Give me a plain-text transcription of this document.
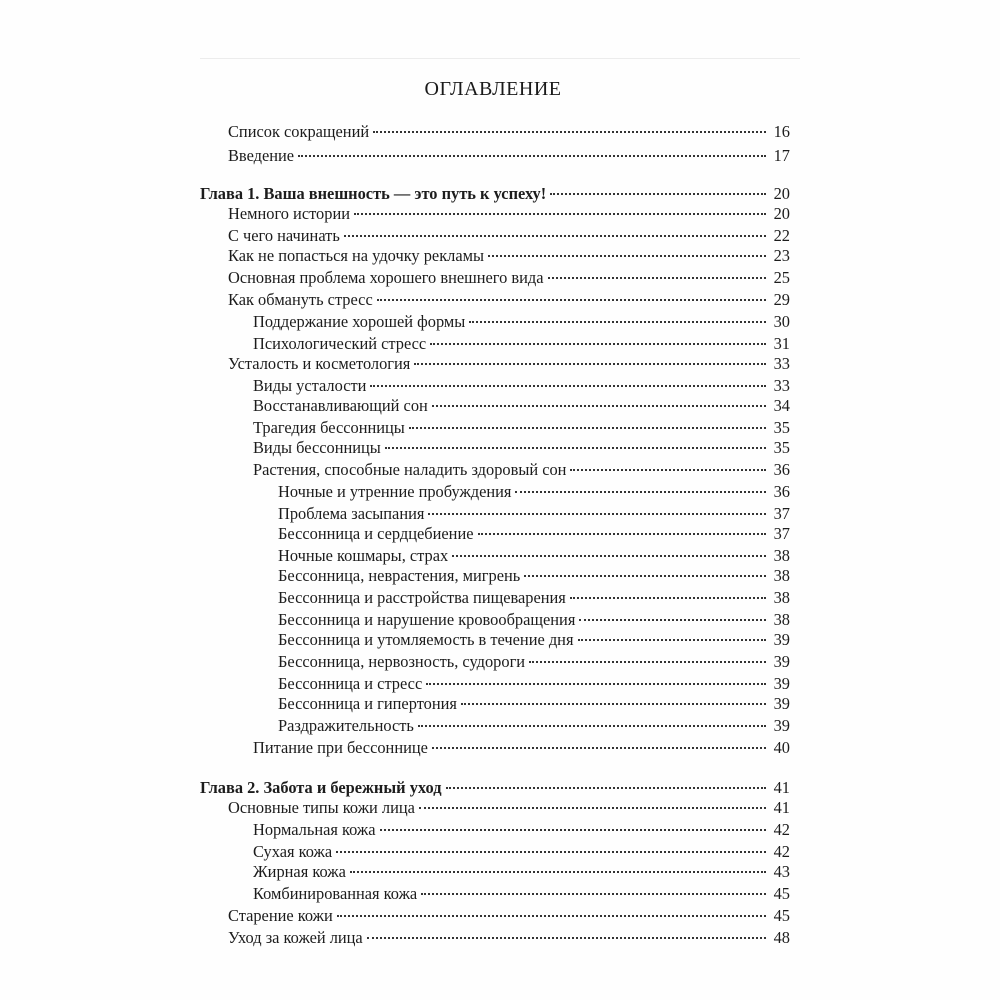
ОГЛАВЛЕНИЕ
Список сокращений	16
Введение	17
Глава 1. Ваша внешность — это путь к успеху!	20
Немного истории	20
С чего начинать	22
Как не попасться на удочку рекламы	23
Основная проблема хорошего внешнего вида	25
Как обмануть стресс	29
Поддержание хорошей формы	30
Психологический стресс	31
Усталость и косметология	33
Виды усталости	33
Восстанавливающий сон	34
Трагедия бессонницы	35
Виды бессонницы	35
Растения, способные наладить здоровый сон	36
Ночные и утренние пробуждения	36
Проблема засыпания	37
Бессонница и сердцебиение	37
Ночные кошмары, страх	38
Бессонница, неврастения, мигрень	38
Бессонница и расстройства пищеварения	38
Бессонница и нарушение кровообращения	38
Бессонница и утомляемость в течение дня	39
Бессонница, нервозность, судороги	39
Бессонница и стресс	39
Бессонница и гипертония	39
Раздражительность	39
Питание при бессоннице	40
Глава 2. Забота и бережный уход	41
Основные типы кожи лица	41
Нормальная кожа	42
Сухая кожа	42
Жирная кожа	43
Комбинированная кожа	45
Старение кожи	45
Уход за кожей лица	48
